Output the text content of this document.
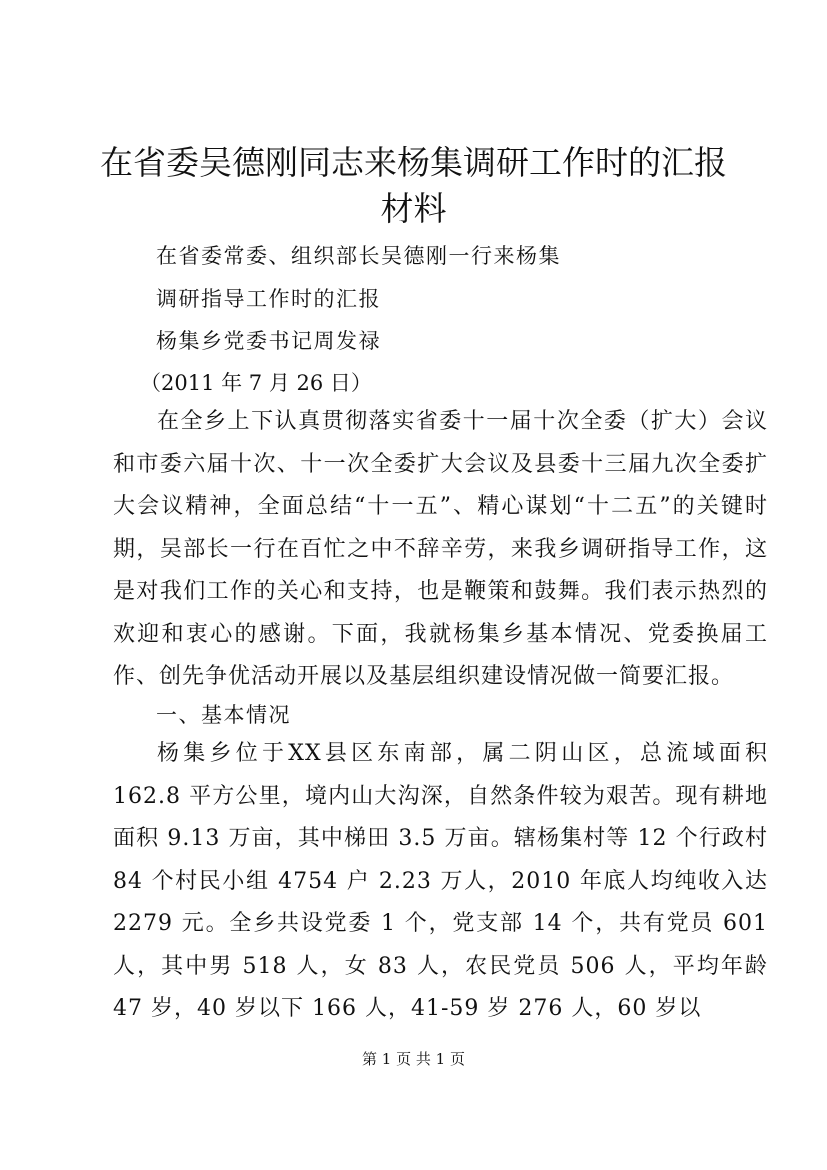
在省委吴德刚同志来杨集调研工作时的汇报材料
在省委常委、组织部长吴德刚一行来杨集
调研指导工作时的汇报
杨集乡党委书记周发禄
（2011 年 7 月 26 日）

在全乡上下认真贯彻落实省委十一届十次全委（扩大）会议和市委六届十次、十一次全委扩大会议及县委十三届九次全委扩大会议精神，全面总结“十一五”、精心谋划“十二五”的关键时期，吴部长一行在百忙之中不辞辛劳，来我乡调研指导工作，这是对我们工作的关心和支持，也是鞭策和鼓舞。我们表示热烈的欢迎和衷心的感谢。下面，我就杨集乡基本情况、党委换届工作、创先争优活动开展以及基层组织建设情况做一简要汇报。

一、基本情况

杨集乡位于XX县区东南部，属二阴山区，总流域面积 162.8 平方公里，境内山大沟深，自然条件较为艰苦。现有耕地面积 9.13 万亩，其中梯田 3.5 万亩。辖杨集村等 12 个行政村 84 个村民小组 4754 户 2.23 万人，2010 年底人均纯收入达 2279 元。全乡共设党委 1 个，党支部 14 个，共有党员 601 人，其中男 518 人，女 83 人，农民党员 506 人，平均年龄 47 岁，40 岁以下 166 人，41-59 岁 276 人，60 岁以

第 1 页 共 1 页
